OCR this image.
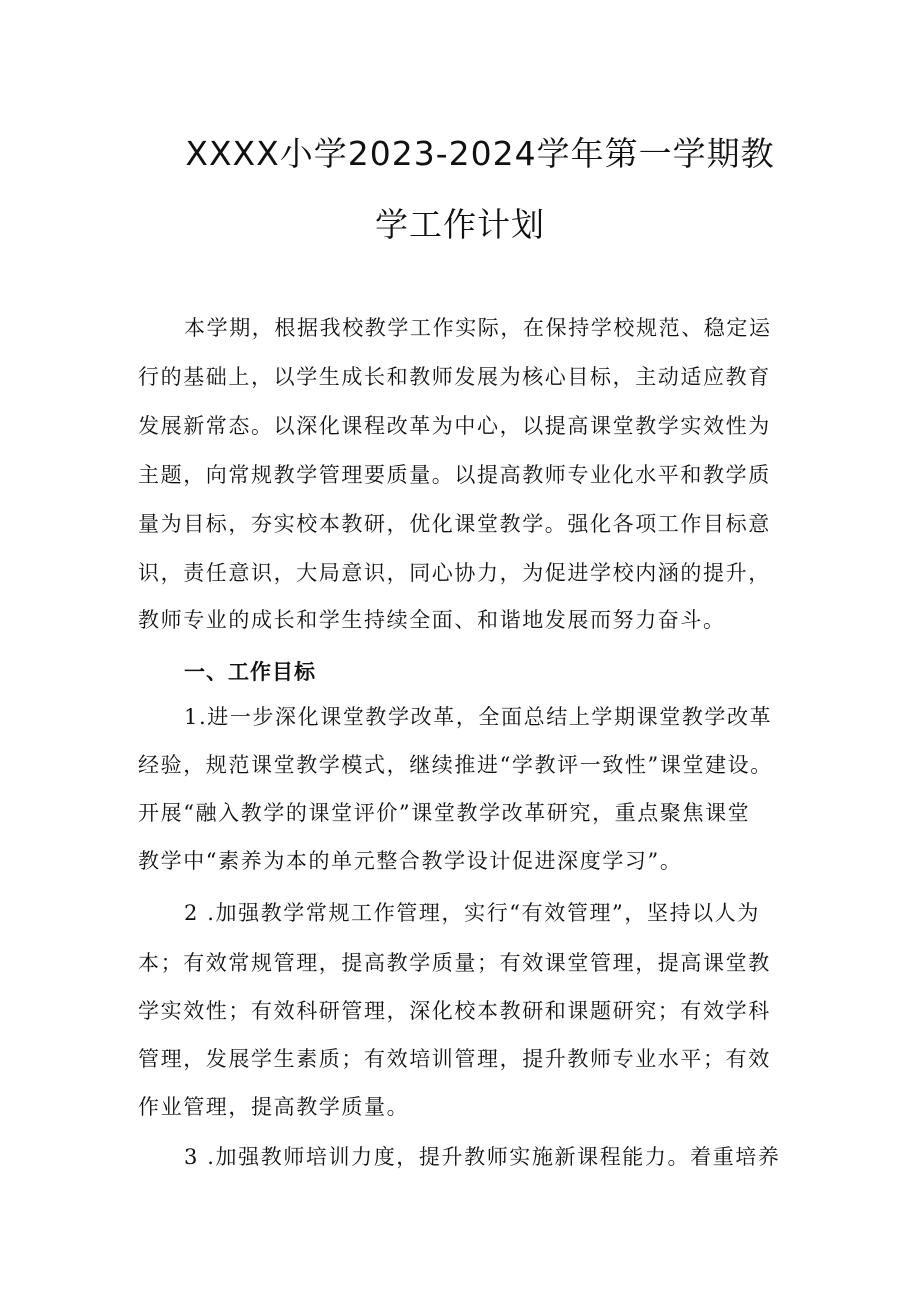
XXXX小学2023-2024学年第一学期教
学工作计划

本学期，根据我校教学工作实际，在保持学校规范、稳定运

行的基础上，以学生成长和教师发展为核心目标，主动适应教育

发展新常态。以深化课程改革为中心，以提高课堂教学实效性为

主题，向常规教学管理要质量。以提高教师专业化水平和教学质

量为目标，夯实校本教研，优化课堂教学。强化各项工作目标意

识，责任意识，大局意识，同心协力，为促进学校内涵的提升，

教师专业的成长和学生持续全面、和谐地发展而努力奋斗。

一、工作目标

1.进一步深化课堂教学改革，全面总结上学期课堂教学改革

经验，规范课堂教学模式，继续推进“学教评一致性”课堂建设。

开展“融入教学的课堂评价”课堂教学改革研究，重点聚焦课堂

教学中“素养为本的单元整合教学设计促进深度学习”。

2 .加强教学常规工作管理，实行“有效管理”，坚持以人为

本；有效常规管理，提高教学质量；有效课堂管理，提高课堂教

学实效性；有效科研管理，深化校本教研和课题研究；有效学科

管理，发展学生素质；有效培训管理，提升教师专业水平；有效

作业管理，提高教学质量。

3 .加强教师培训力度，提升教师实施新课程能力。着重培养
